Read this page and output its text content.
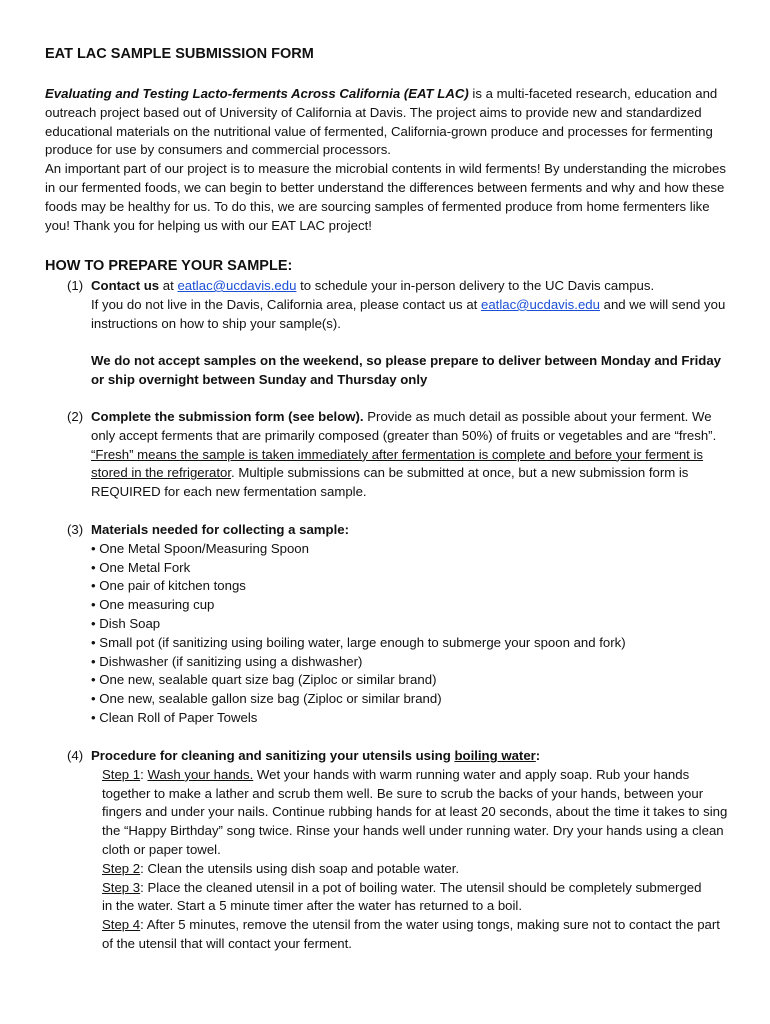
EAT LAC SAMPLE SUBMISSION FORM

Evaluating and Testing Lacto-ferments Across California (EAT LAC) is a multi-faceted research, education and outreach project based out of University of California at Davis. The project aims to provide new and standardized educational materials on the nutritional value of fermented, California-grown produce and processes for fermenting produce for use by consumers and commercial processors.

An important part of our project is to measure the microbial contents in wild ferments! By understanding the microbes in our fermented foods, we can begin to better understand the differences between ferments and why and how these foods may be healthy for us. To do this, we are sourcing samples of fermented produce from home fermenters like you! Thank you for helping us with our EAT LAC project!

HOW TO PREPARE YOUR SAMPLE:
(1) Contact us at eatlac@ucdavis.edu to schedule your in-person delivery to the UC Davis campus.

If you do not live in the Davis, California area, please contact us at eatlac@ucdavis.edu and we will send you instructions on how to ship your sample(s).

We do not accept samples on the weekend, so please prepare to deliver between Monday and Friday or ship overnight between Sunday and Thursday only

(2) Complete the submission form (see below). Provide as much detail as possible about your ferment. We only accept ferments that are primarily composed (greater than 50%) of fruits or vegetables and are “fresh”. “Fresh” means the sample is taken immediately after fermentation is complete and before your ferment is stored in the refrigerator. Multiple submissions can be submitted at once, but a new submission form is REQUIRED for each new fermentation sample.

(3) Materials needed for collecting a sample:

• One Metal Spoon/Measuring Spoon
• One Metal Fork
• One pair of kitchen tongs
• One measuring cup
• Dish Soap
• Small pot (if sanitizing using boiling water, large enough to submerge your spoon and fork)
• Dishwasher (if sanitizing using a dishwasher)
• One new, sealable quart size bag (Ziploc or similar brand)
• One new, sealable gallon size bag (Ziploc or similar brand)
• Clean Roll of Paper Towels
(4) Procedure for cleaning and sanitizing your utensils using boiling water:

Step 1: Wash your hands. Wet your hands with warm running water and apply soap. Rub your hands together to make a lather and scrub them well. Be sure to scrub the backs of your hands, between your fingers and under your nails. Continue rubbing hands for at least 20 seconds, about the time it takes to sing the “Happy Birthday” song twice. Rinse your hands well under running water. Dry your hands using a clean cloth or paper towel.
Step 2: Clean the utensils using dish soap and potable water.
Step 3: Place the cleaned utensil in a pot of boiling water. The utensil should be completely submerged in the water. Start a 5 minute timer after the water has returned to a boil.
Step 4: After 5 minutes, remove the utensil from the water using tongs, making sure not to contact the part of the utensil that will contact your ferment.
